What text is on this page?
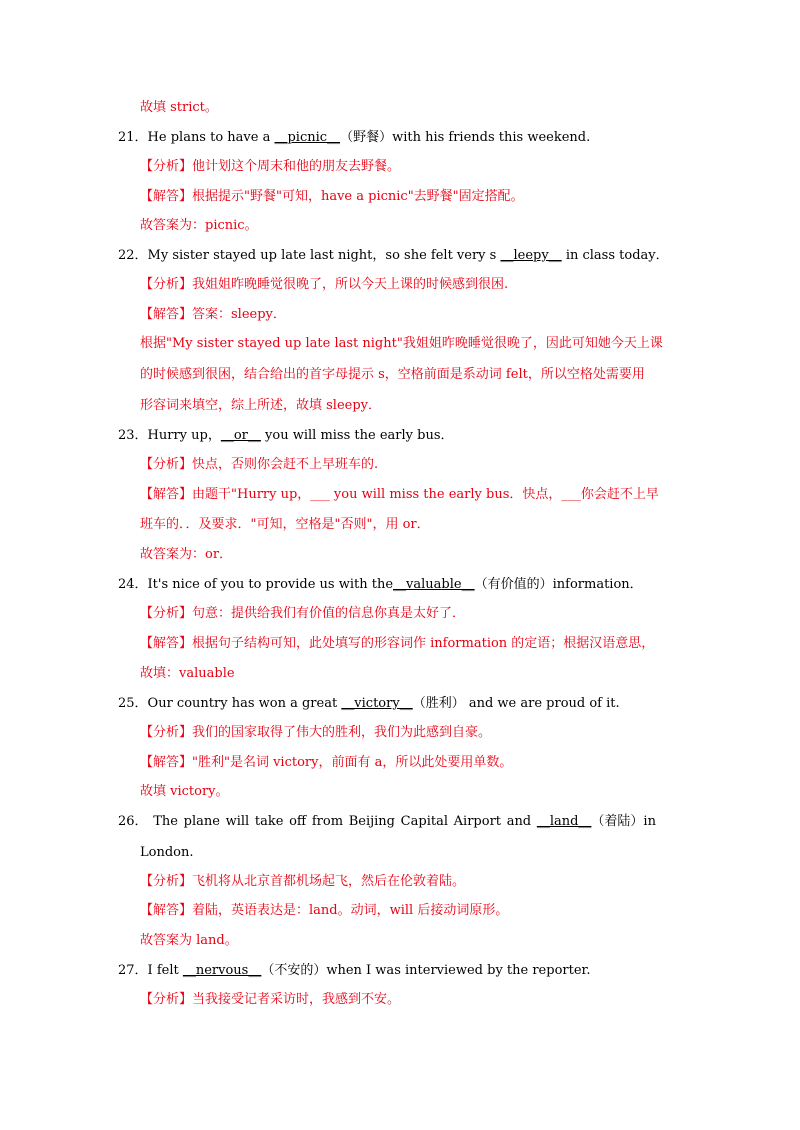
故填 strict。
21．He plans to have a __picnic__（野餐）with his friends this weekend.
【分析】他计划这个周末和他的朋友去野餐。
【解答】根据提示"野餐"可知，have a picnic"去野餐"固定搭配。
故答案为：picnic。
22．My sister stayed up late last night，so she felt very s __leepy__ in class today．
【分析】我姐姐昨晚睡觉很晚了，所以今天上课的时候感到很困.
【解答】答案：sleepy．
根据"My sister stayed up late last night"我姐姐昨晚睡觉很晚了，因此可知她今天上课
的时候感到很困，结合给出的首字母提示 s，空格前面是系动词 felt，所以空格处需要用
形容词来填空，综上所述，故填 sleepy．
23．Hurry up，__or__ you will miss the early bus．
【分析】快点，否则你会赶不上早班车的.
【解答】由题干"Hurry up，___ you will miss the early bus．快点，___你会赶不上早
班车的．．及要求．"可知，空格是"否则"，用 or．
故答案为：or．
24．It's nice of you to provide us with the__valuable__（有价值的）information．
【分析】句意：提供给我们有价值的信息你真是太好了．
【解答】根据句子结构可知，此处填写的形容词作 information 的定语；根据汉语意思，
故填：valuable
25．Our country has won a great __victory__（胜利） and we are proud of it.
【分析】我们的国家取得了伟大的胜利，我们为此感到自豪。
【解答】"胜利"是名词 victory，前面有 a，所以此处要用单数。
故填 victory。
26． The plane will take off from Beijing Capital Airport and __land__（着陆）in
London.
【分析】飞机将从北京首都机场起飞，然后在伦敦着陆。
【解答】着陆，英语表达是：land。动词，will 后接动词原形。
故答案为 land。
27．I felt __nervous__（不安的）when I was interviewed by the reporter.
【分析】当我接受记者采访时，我感到不安。
